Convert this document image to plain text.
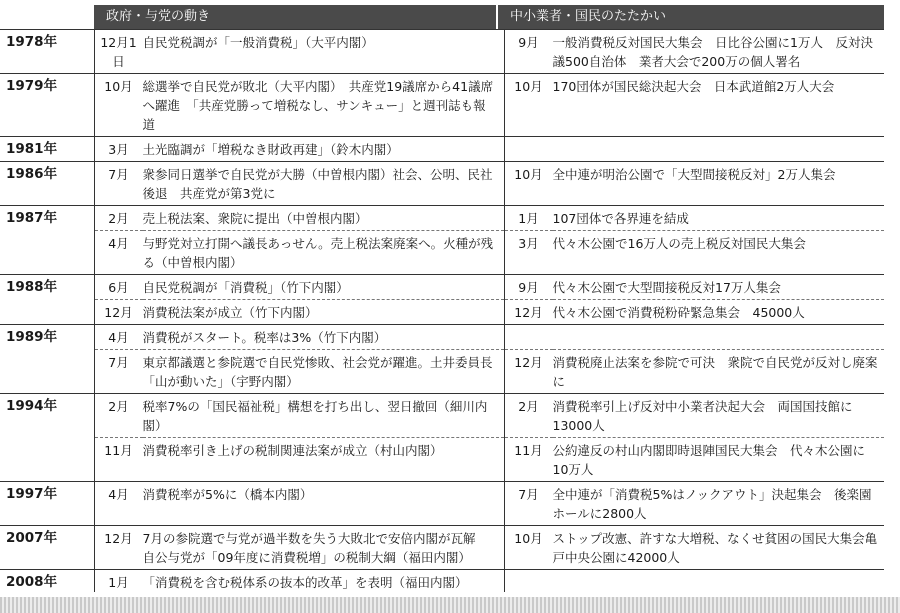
政府・与党の動き	中小業者・国民のたたかい
1978年	12月1日	自民党税調が「一般消費税」（大平内閣）	9月	一般消費税反対国民大集会　日比谷公園に1万人　反対決議500自治体　業者大会で200万の個人署名
1979年	10月	総選挙で自民党が敗北（大平内閣）　共産党19議席から41議席へ躍進　「共産党勝って増税なし、サンキュー」と週刊誌も報道	10月	170団体が国民総決起大会　日本武道館2万人大会
1981年	3月	土光臨調が「増税なき財政再建」（鈴木内閣）		
1986年	7月	衆参同日選挙で自民党が大勝（中曽根内閣）社会、公明、民社後退　共産党が第3党に	10月	全中連が明治公園で「大型間接税反対」2万人集会
1987年	2月	売上税法案、衆院に提出（中曽根内閣）	1月	107団体で各界連を結成
	4月	与野党対立打開へ議長あっせん。売上税法案廃案へ。火種が残る（中曽根内閣）	3月	代々木公園で16万人の売上税反対国民大集会
1988年	6月	自民党税調が「消費税」（竹下内閣）	9月	代々木公園で大型間接税反対17万人集会
	12月	消費税法案が成立（竹下内閣）	12月	代々木公園で消費税粉砕緊急集会　45000人
1989年	4月	消費税がスタート。税率は3%（竹下内閣）		
	7月	東京都議選と参院選で自民党惨敗、社会党が躍進。土井委員長「山が動いた」（宇野内閣）	12月	消費税廃止法案を参院で可決　衆院で自民党が反対し廃案に
1994年	2月	税率7%の「国民福祉税」構想を打ち出し、翌日撤回（細川内閣）	2月	消費税率引上げ反対中小業者決起大会　両国国技館に13000人
	11月	消費税率引き上げの税制関連法案が成立（村山内閣）	11月	公約違反の村山内閣即時退陣国民大集会　代々木公園に10万人
1997年	4月	消費税率が5%に（橋本内閣）	7月	全中連が「消費税5%はノックアウト」決起集会　後楽園ホールに2800人
2007年	12月	7月の参院選で与党が過半数を失う大敗北で安倍内閣が瓦解　自公与党が「09年度に消費税増」の税制大綱（福田内閣）	10月	ストップ改憲、許すな大増税、なくせ貧困の国民大集会亀戸中央公園に42000人
2008年	1月	「消費税を含む税体系の抜本的改革」を表明（福田内閣）		
